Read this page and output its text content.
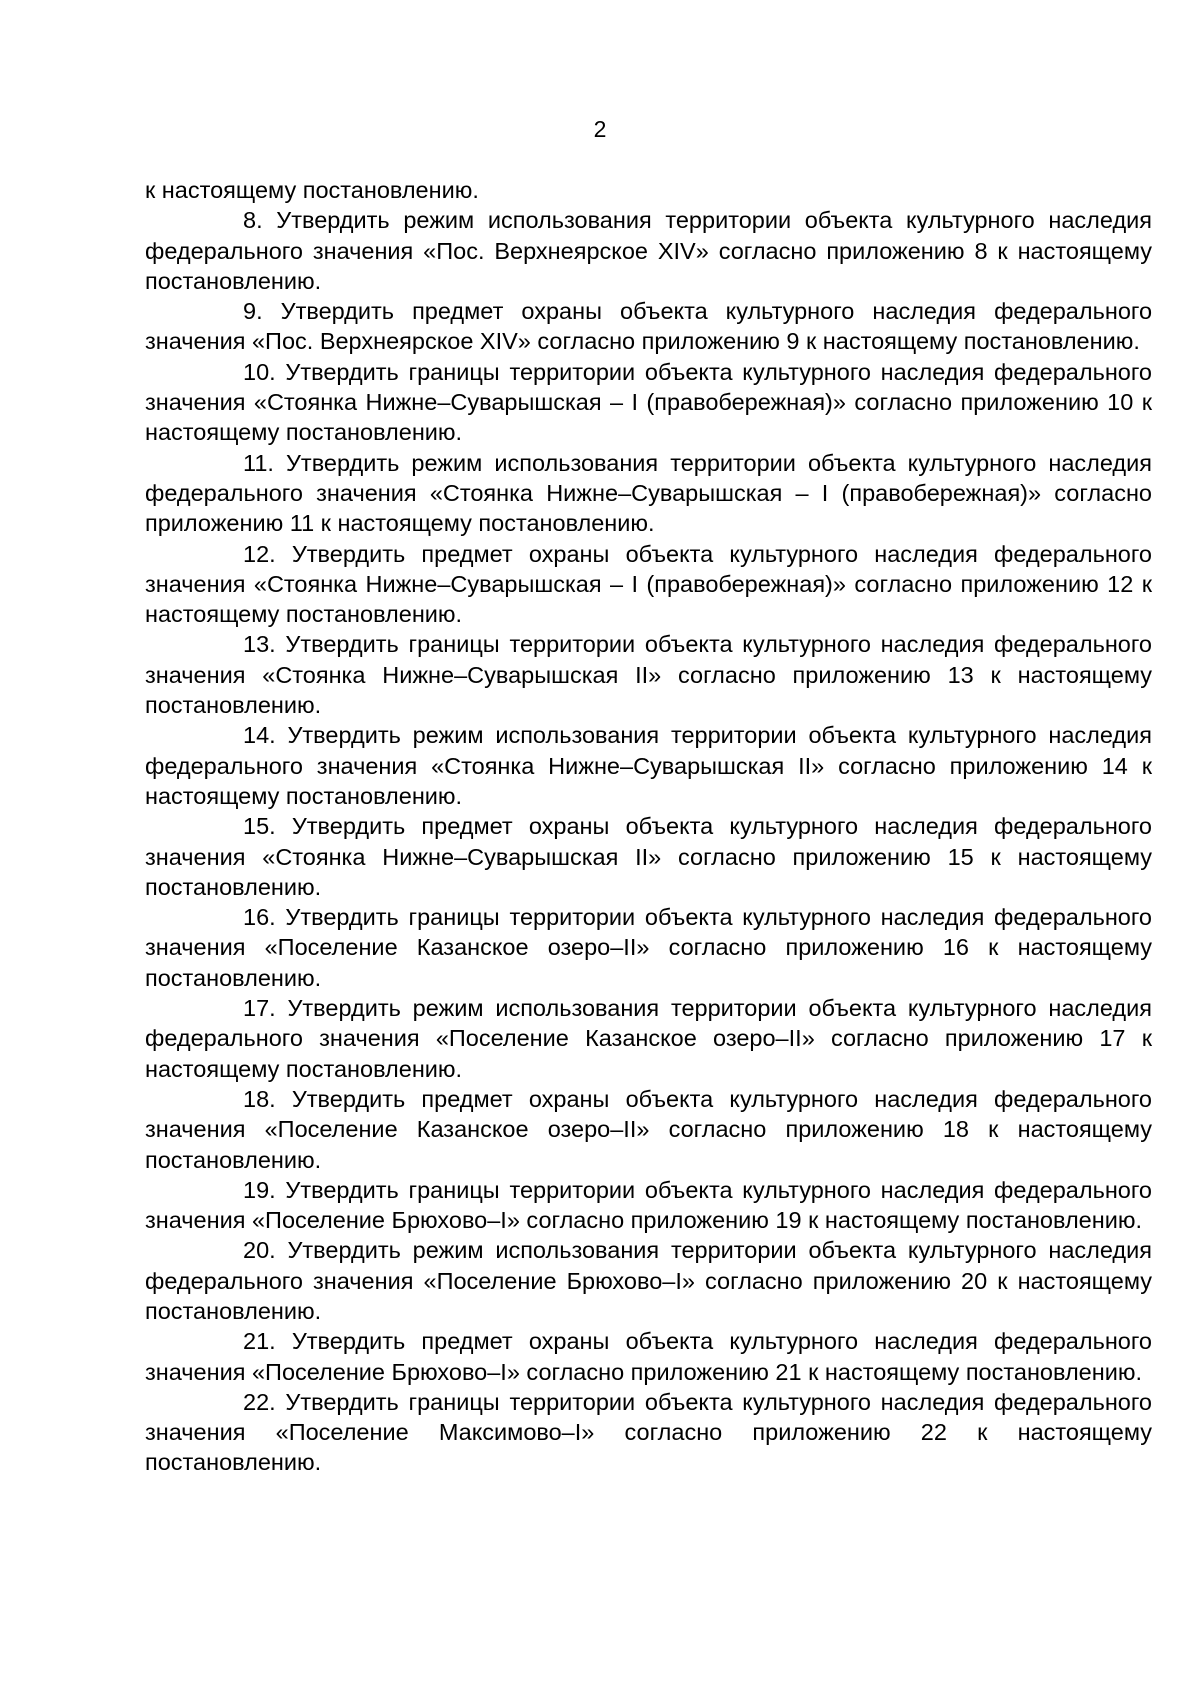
2

к настоящему постановлению.

8. Утвердить режим использования территории объекта культурного наследия федерального значения «Пос. Верхнеярское XIV» согласно приложению 8 к настоящему постановлению.

9. Утвердить предмет охраны объекта культурного наследия федерального значения «Пос. Верхнеярское XIV» согласно приложению 9 к настоящему постановлению.

10. Утвердить границы территории объекта культурного наследия федерального значения «Стоянка Нижне–Суварышская – I (правобережная)» согласно приложению 10 к настоящему постановлению.

11. Утвердить режим использования территории объекта культурного наследия федерального значения «Стоянка Нижне–Суварышская – I (правобережная)» согласно приложению 11 к настоящему постановлению.

12. Утвердить предмет охраны объекта культурного наследия федерального значения «Стоянка Нижне–Суварышская – I (правобережная)» согласно приложению 12 к настоящему постановлению.

13. Утвердить границы территории объекта культурного наследия федерального значения «Стоянка Нижне–Суварышская II» согласно приложению 13 к настоящему постановлению.

14. Утвердить режим использования территории объекта культурного наследия федерального значения «Стоянка Нижне–Суварышская II» согласно приложению 14 к настоящему постановлению.

15. Утвердить предмет охраны объекта культурного наследия федерального значения «Стоянка Нижне–Суварышская II» согласно приложению 15 к настоящему постановлению.

16. Утвердить границы территории объекта культурного наследия федерального значения «Поселение Казанское озеро–II» согласно приложению 16 к настоящему постановлению.

17. Утвердить режим использования территории объекта культурного наследия федерального значения «Поселение Казанское озеро–II» согласно приложению 17 к настоящему постановлению.

18. Утвердить предмет охраны объекта культурного наследия федерального значения «Поселение Казанское озеро–II» согласно приложению 18 к настоящему постановлению.

19. Утвердить границы территории объекта культурного наследия федерального значения «Поселение Брюхово–I» согласно приложению 19 к настоящему постановлению.

20. Утвердить режим использования территории объекта культурного наследия федерального значения «Поселение Брюхово–I» согласно приложению 20 к настоящему постановлению.

21. Утвердить предмет охраны объекта культурного наследия федерального значения «Поселение Брюхово–I» согласно приложению 21 к настоящему постановлению.

22. Утвердить границы территории объекта культурного наследия федерального значения «Поселение Максимово–I» согласно приложению 22 к настоящему постановлению.
